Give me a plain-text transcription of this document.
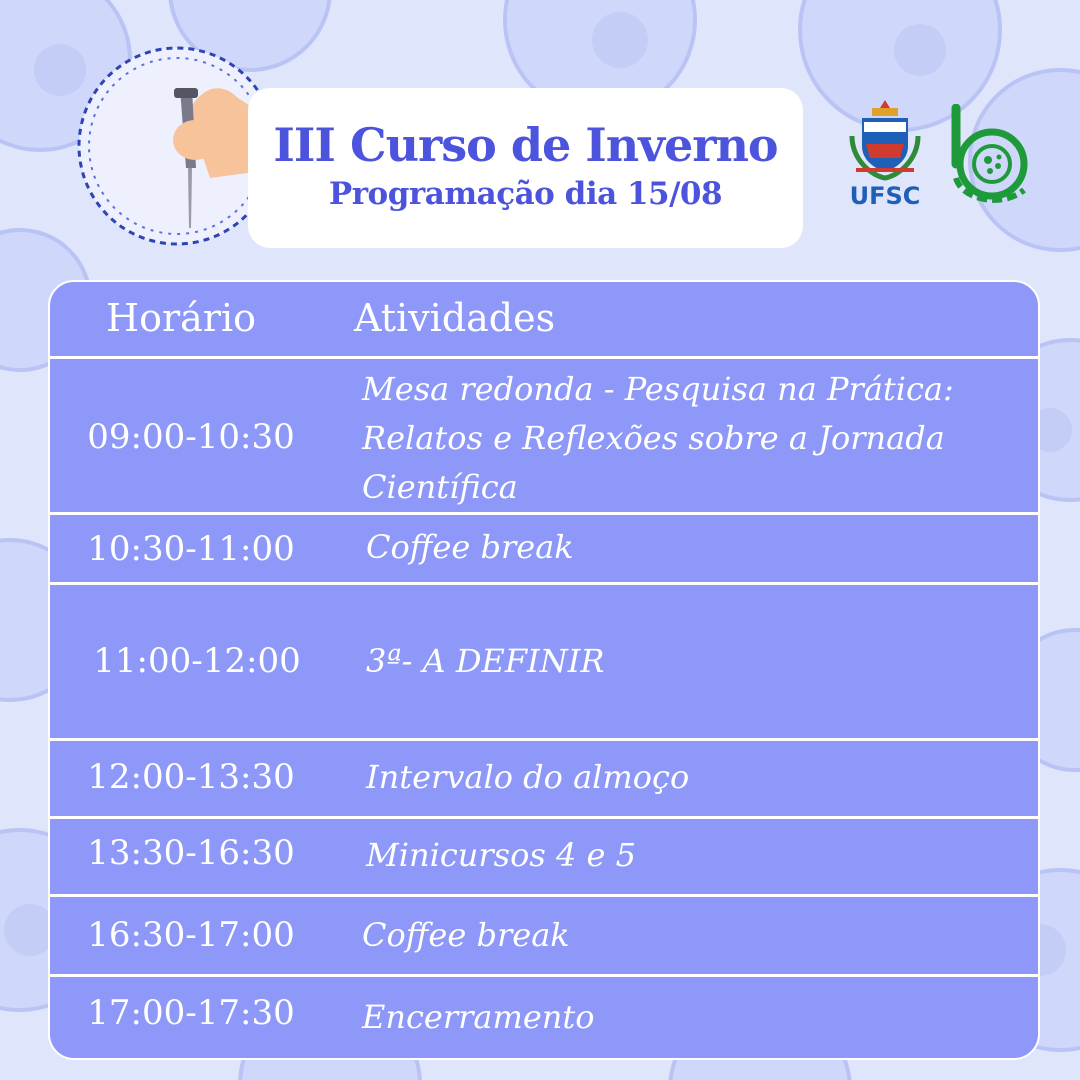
III Curso de Inverno
Programação dia 15/08	UFSC
Horário	Atividades
09:00-10:30
Mesa redonda - Pesquisa na Prática:
Relatos e Reflexões sobre a Jornada
Científica
10:30-11:00	Coffee break
11:00-12:00	3ª- A DEFINIR
12:00-13:30	Intervalo do almoço
13:30-16:30	Minicursos 4 e 5
16:30-17:00	Coffee break
17:00-17:30	Encerramento
